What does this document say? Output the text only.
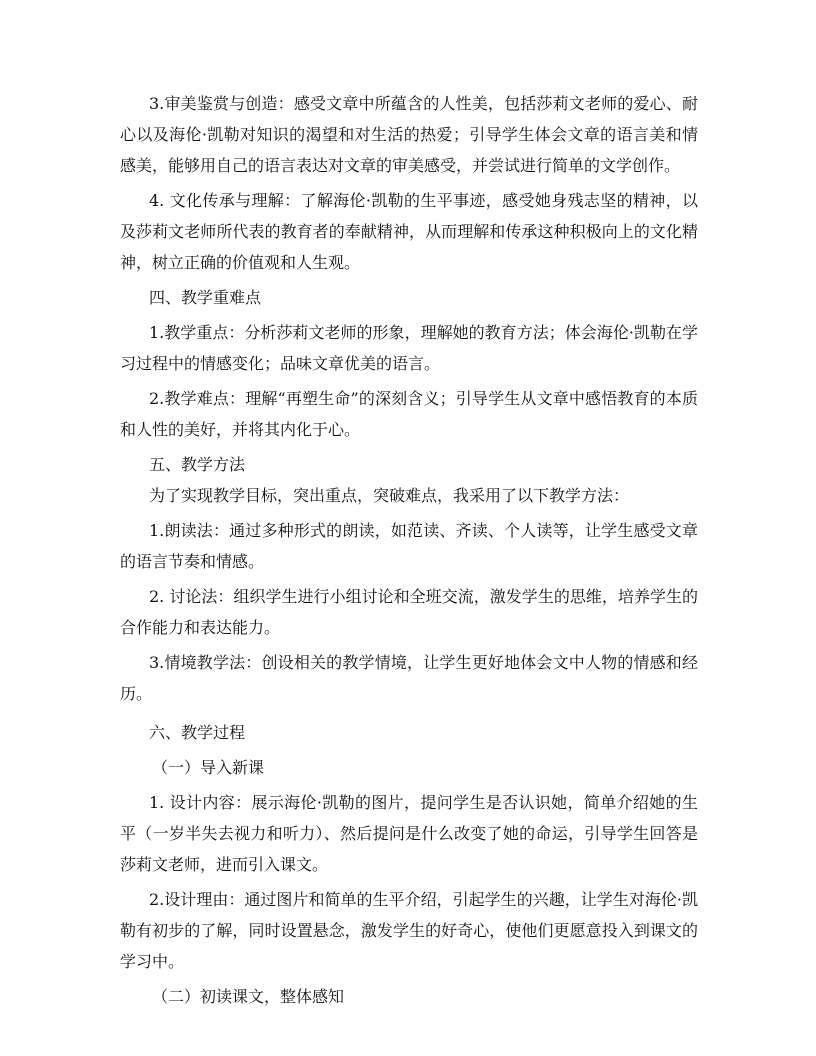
3.审美鉴赏与创造：感受文章中所蕴含的人性美，包括莎莉文老师的爱心、耐心以及海伦·凯勒对知识的渴望和对生活的热爱；引导学生体会文章的语言美和情感美，能够用自己的语言表达对文章的审美感受，并尝试进行简单的文学创作。

4. 文化传承与理解：了解海伦·凯勒的生平事迹，感受她身残志坚的精神，以及莎莉文老师所代表的教育者的奉献精神，从而理解和传承这种积极向上的文化精神，树立正确的价值观和人生观。

四、教学重难点

1.教学重点：分析莎莉文老师的形象，理解她的教育方法；体会海伦·凯勒在学习过程中的情感变化；品味文章优美的语言。

2.教学难点：理解“再塑生命”的深刻含义；引导学生从文章中感悟教育的本质和人性的美好，并将其内化于心。

五、教学方法

为了实现教学目标，突出重点，突破难点，我采用了以下教学方法：

1.朗读法：通过多种形式的朗读，如范读、齐读、个人读等，让学生感受文章的语言节奏和情感。

2. 讨论法：组织学生进行小组讨论和全班交流，激发学生的思维，培养学生的合作能力和表达能力。

3.情境教学法：创设相关的教学情境，让学生更好地体会文中人物的情感和经历。

六、教学过程

（一）导入新课

1. 设计内容：展示海伦·凯勒的图片，提问学生是否认识她，简单介绍她的生平（一岁半失去视力和听力）、然后提问是什么改变了她的命运，引导学生回答是莎莉文老师，进而引入课文。

2.设计理由：通过图片和简单的生平介绍，引起学生的兴趣，让学生对海伦·凯勒有初步的了解，同时设置悬念，激发学生的好奇心，使他们更愿意投入到课文的学习中。

（二）初读课文，整体感知
